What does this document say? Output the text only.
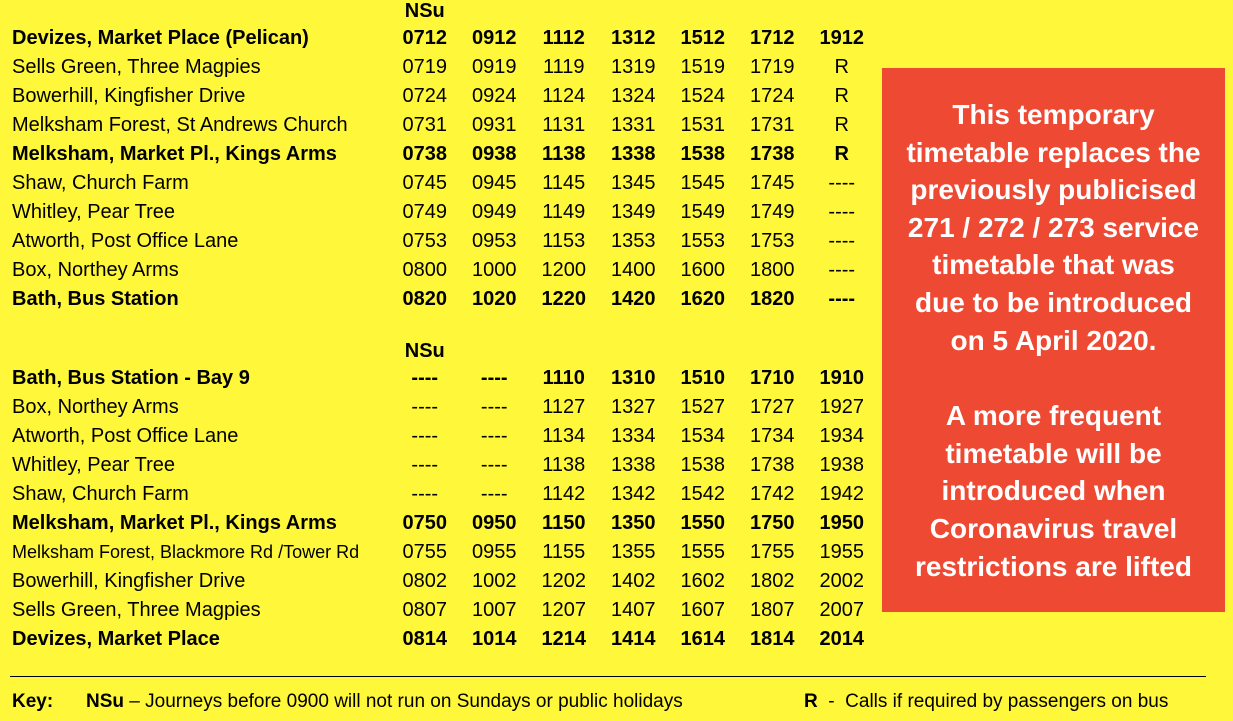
	NSu						
Devizes, Market Place (Pelican)	0712	0912	1112	1312	1512	1712	1912
Sells Green, Three Magpies	0719	0919	1119	1319	1519	1719	R
Bowerhill, Kingfisher Drive	0724	0924	1124	1324	1524	1724	R
Melksham Forest, St Andrews Church	0731	0931	1131	1331	1531	1731	R
Melksham, Market Pl., Kings Arms	0738	0938	1138	1338	1538	1738	R
Shaw, Church Farm	0745	0945	1145	1345	1545	1745	----
Whitley, Pear Tree	0749	0949	1149	1349	1549	1749	----
Atworth, Post Office Lane	0753	0953	1153	1353	1553	1753	----
Box, Northey Arms	0800	1000	1200	1400	1600	1800	----
Bath, Bus Station	0820	1020	1220	1420	1620	1820	----
	NSu						
Bath, Bus Station - Bay 9	----	----	1110	1310	1510	1710	1910
Box, Northey Arms	----	----	1127	1327	1527	1727	1927
Atworth, Post Office Lane	----	----	1134	1334	1534	1734	1934
Whitley, Pear Tree	----	----	1138	1338	1538	1738	1938
Shaw, Church Farm	----	----	1142	1342	1542	1742	1942
Melksham, Market Pl., Kings Arms	0750	0950	1150	1350	1550	1750	1950
Melksham Forest, Blackmore Rd /Tower Rd	0755	0955	1155	1355	1555	1755	1955
Bowerhill, Kingfisher Drive	0802	1002	1202	1402	1602	1802	2002
Sells Green, Three Magpies	0807	1007	1207	1407	1607	1807	2007
Devizes, Market Place	0814	1014	1214	1414	1614	1814	2014

This temporary
timetable replaces the
previously publicised
271 / 272 / 273 service
timetable that was
due to be introduced
on 5 April 2020.

A more frequent
timetable will be
introduced when
Coronavirus travel
restrictions are lifted

Key: NSu – Journeys before 0900 will not run on Sundays or public holidays	R  -  Calls if required by passengers on bus
